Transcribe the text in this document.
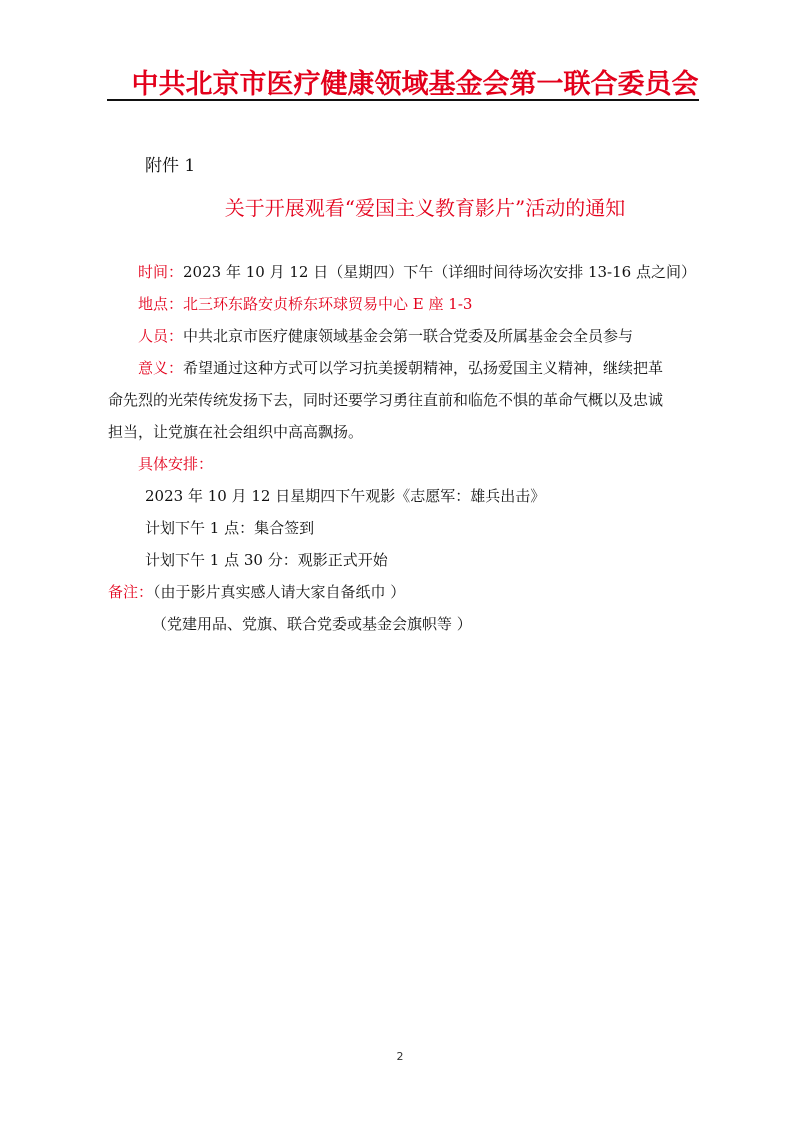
中共北京市医疗健康领域基金会第一联合委员会
附件 1
关于开展观看“爱国主义教育影片”活动的通知
时间：2023 年 10 月 12 日（星期四）下午（详细时间待场次安排 13-16 点之间）
地点：北三环东路安贞桥东环球贸易中心 E 座 1-3
人员：中共北京市医疗健康领域基金会第一联合党委及所属基金会全员参与
意义：希望通过这种方式可以学习抗美援朝精神，弘扬爱国主义精神，继续把革
命先烈的光荣传统发扬下去，同时还要学习勇往直前和临危不惧的革命气概以及忠诚
担当，让党旗在社会组织中高高飘扬。
具体安排：
2023 年 10 月 12 日星期四下午观影《志愿军：雄兵出击》
计划下午 1 点：集合签到
计划下午 1 点 30 分：观影正式开始
备注：（由于影片真实感人请大家自备纸巾 ）
（党建用品、党旗、联合党委或基金会旗帜等 ）
2
